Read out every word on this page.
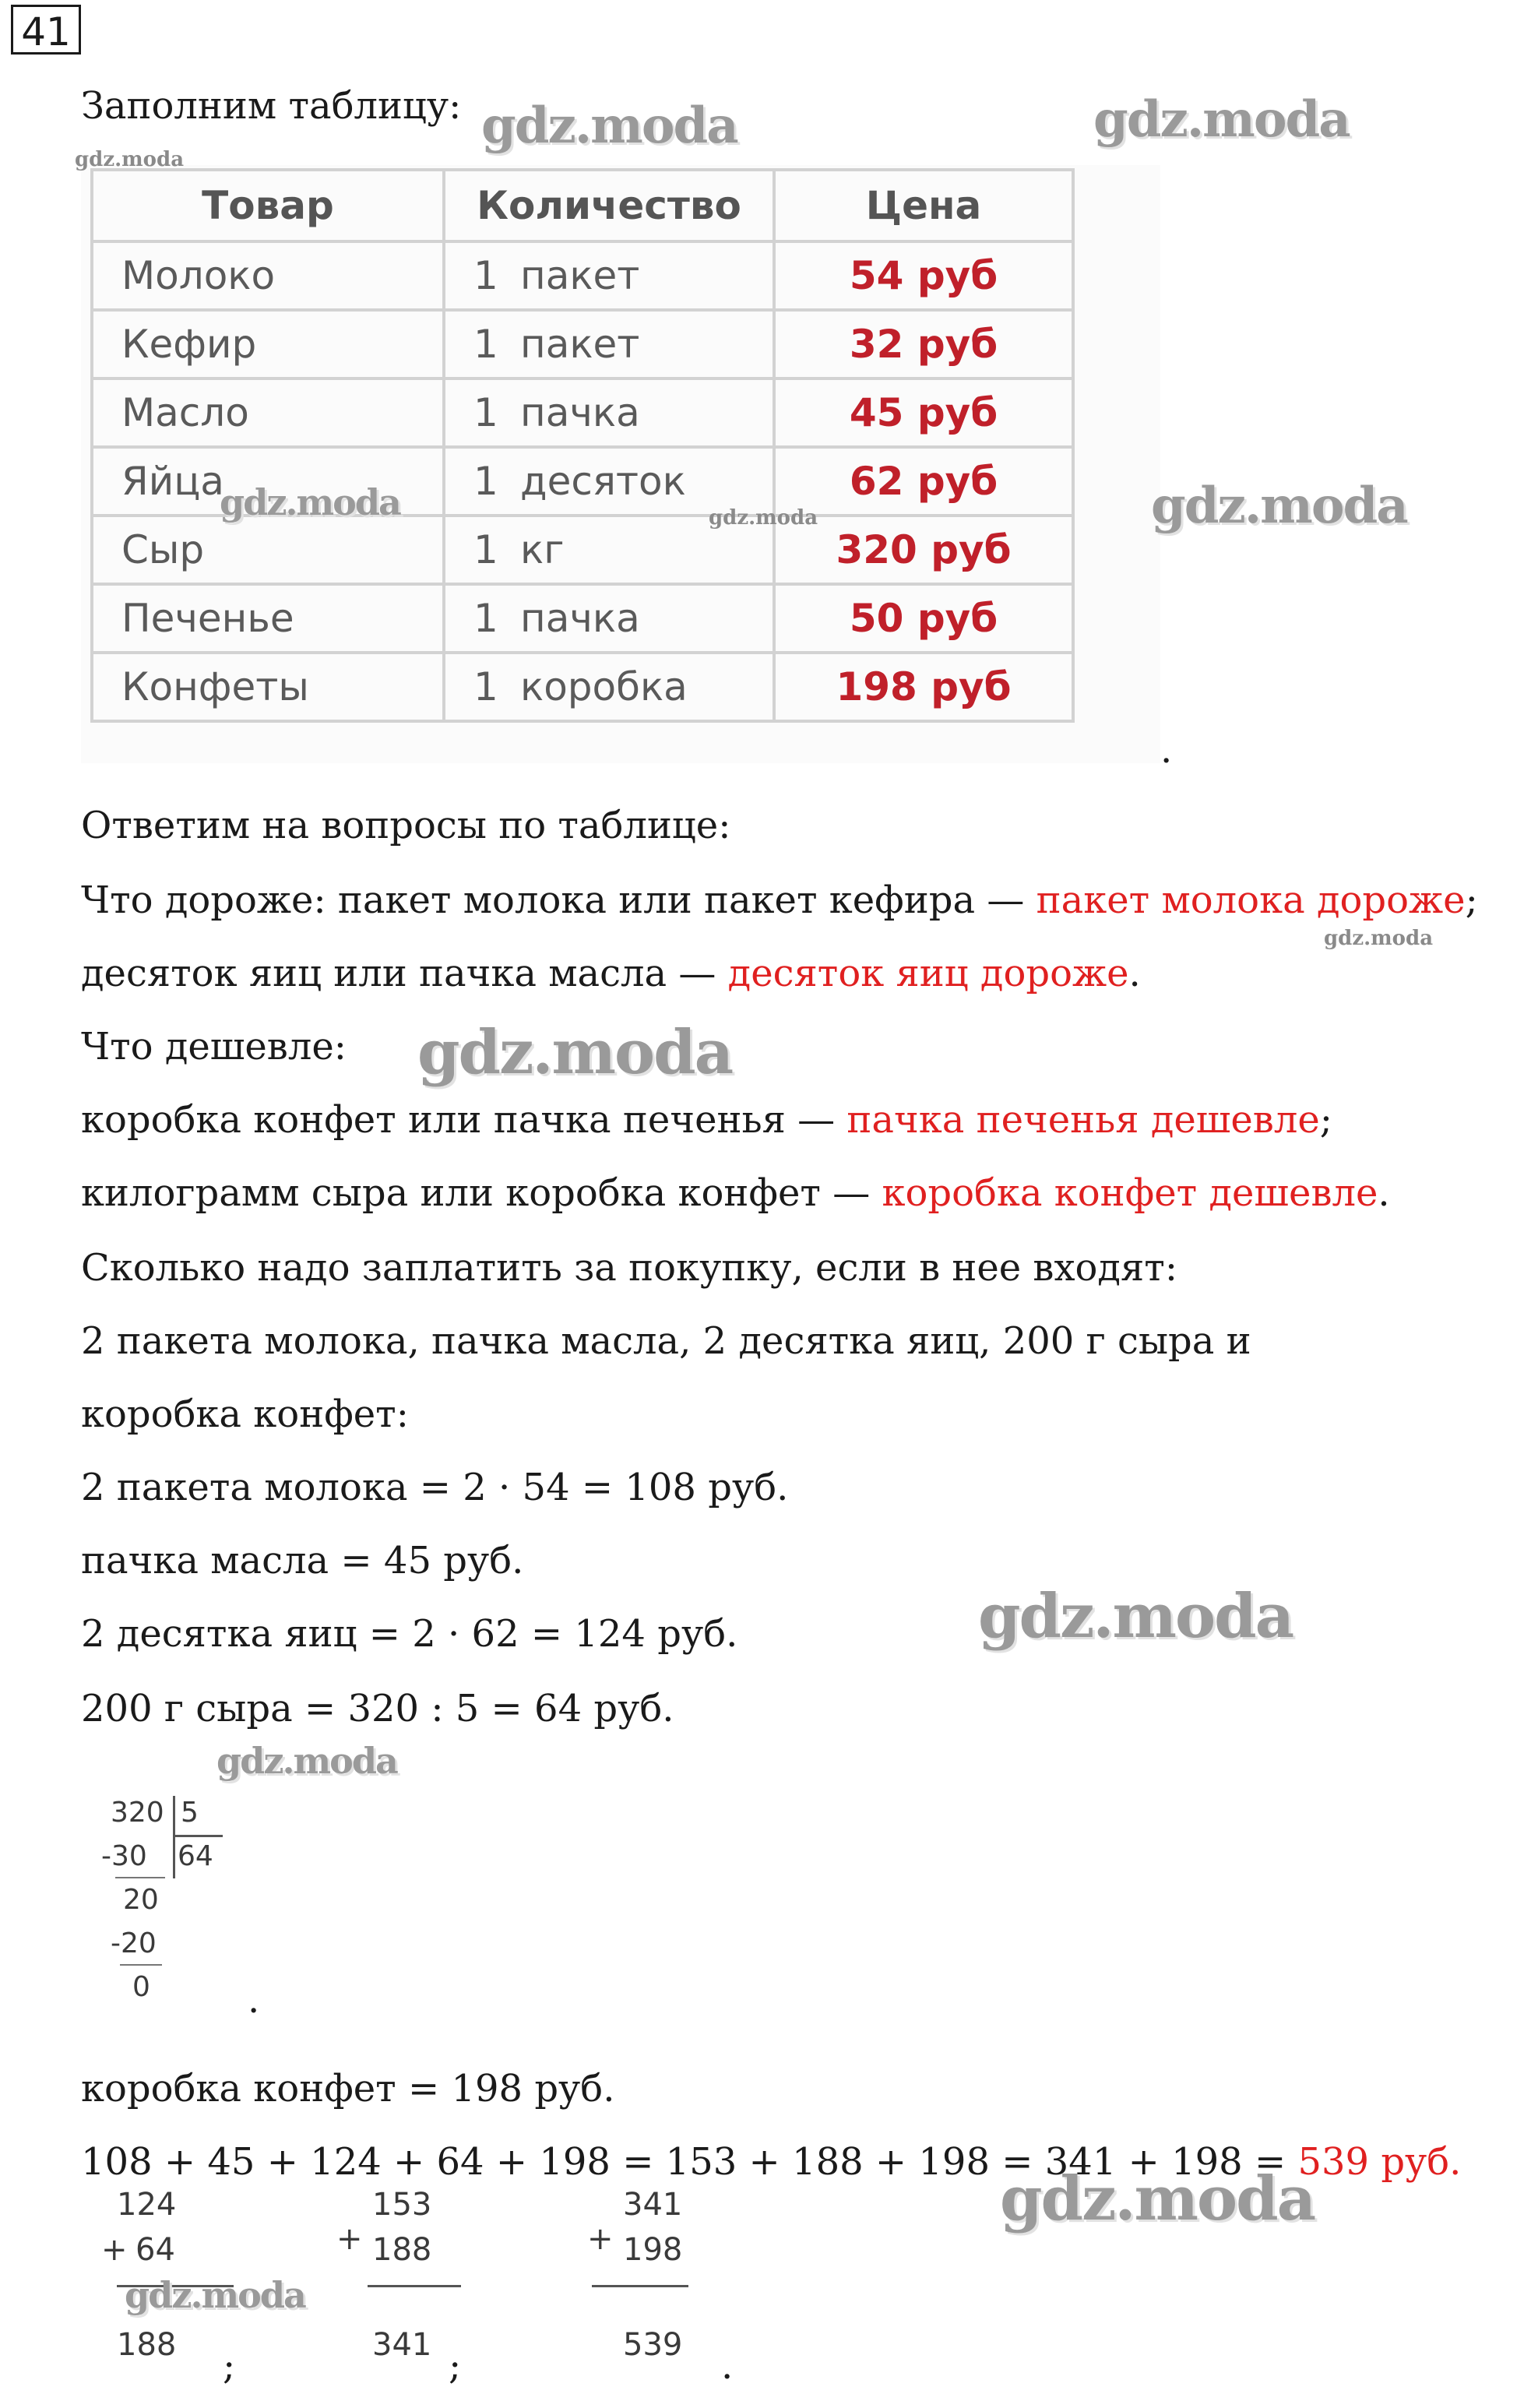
41
Заполним таблицу:
Товар	Количество	Цена
Молоко	1 пакет	54 руб
Кефир	1 пакет	32 руб
Масло	1 пачка	45 руб
Яйца	1 десяток	62 руб
Сыр	1 кг	320 руб
Печенье	1 пачка	50 руб
Конфеты	1 коробка	198 руб
.
Ответим на вопросы по таблице:
Что дороже: пакет молока или пакет кефира — пакет молока дороже;
десяток яиц или пачка масла — десяток яиц дороже.
Что дешевле:
коробка конфет или пачка печенья — пачка печенья дешевле;
килограмм сыра или коробка конфет — коробка конфет дешевле.
Сколько надо заплатить за покупку, если в нее входят:
2 пакета молока, пачка масла, 2 десятка яиц, 200 г сыра и
коробка конфет:
2 пакета молока = 2 · 54 = 108 руб.
пачка масла = 45 руб.
2 десятка яиц = 2 · 62 = 124 руб.
200 г сыра = 320 : 5 = 64 руб.
320 5
64
-30
20
-20
0	.
коробка конфет = 198 руб.
108 + 45 + 124 + 64 + 198 = 153 + 188 + 198 = 341 + 198 = 539 руб.
+
124
64
188 ;
+
153
188
341 ;
+
341
198
539 .
gdz.moda	gdz.moda
gdz.moda
gdz.moda	gdz.moda	gdz.moda
gdz.moda
gdz.moda
gdz.moda
gdz.moda
gdz.moda
gdz.moda
